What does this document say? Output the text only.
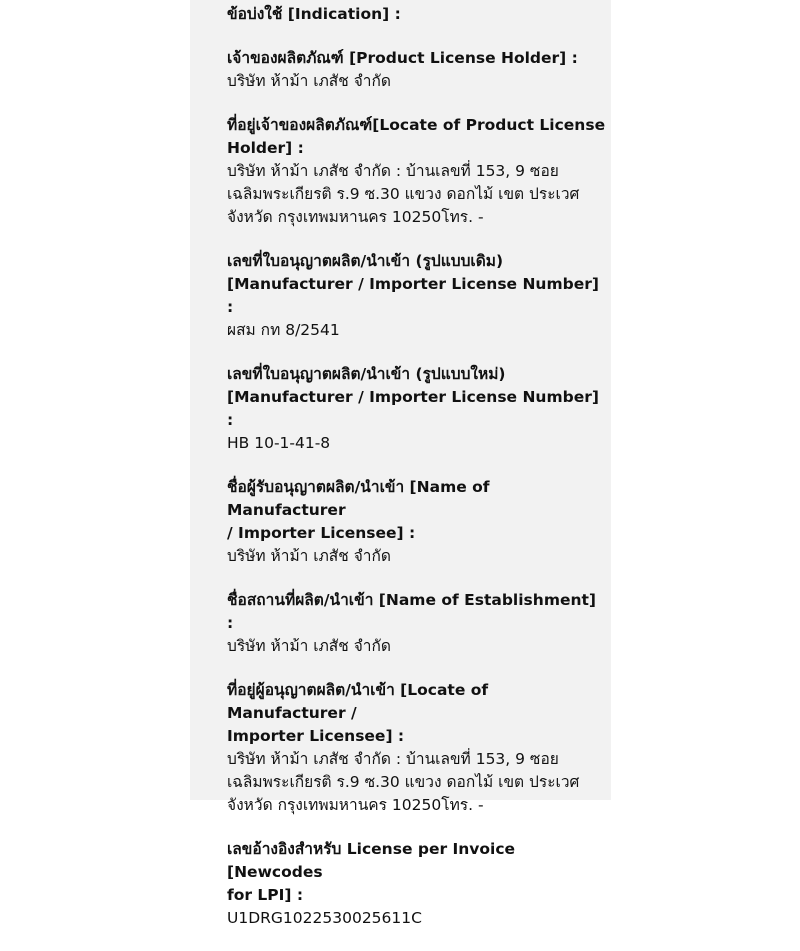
ข้อบ่งใช้ [Indication] :
เจ้าของผลิตภัณฑ์ [Product License Holder] :
บริษัท ห้าม้า เภสัช จำกัด
ที่อยู่เจ้าของผลิตภัณฑ์[Locate of Product License
Holder] :
บริษัท ห้าม้า เภสัช จำกัด : บ้านเลขที่ 153, 9 ซอย
เฉลิมพระเกียรติ ร.9 ซ.30 แขวง ดอกไม้ เขต ประเวศ
จังหวัด กรุงเทพมหานคร 10250โทร. -
เลขที่ใบอนุญาตผลิต/นำเข้า (รูปแบบเดิม)
[Manufacturer / Importer License Number] :
ผสม กท 8/2541
เลขที่ใบอนุญาตผลิต/นำเข้า (รูปแบบใหม่)
[Manufacturer / Importer License Number] :
HB 10-1-41-8
ชื่อผู้รับอนุญาตผลิต/นำเข้า [Name of Manufacturer
/ Importer Licensee] :
บริษัท ห้าม้า เภสัช จำกัด
ชื่อสถานที่ผลิต/นำเข้า [Name of Establishment] :
บริษัท ห้าม้า เภสัช จำกัด
ที่อยู่ผู้อนุญาตผลิต/นำเข้า [Locate of Manufacturer /
Importer Licensee] :
บริษัท ห้าม้า เภสัช จำกัด : บ้านเลขที่ 153, 9 ซอย
เฉลิมพระเกียรติ ร.9 ซ.30 แขวง ดอกไม้ เขต ประเวศ
จังหวัด กรุงเทพมหานคร 10250โทร. -
เลขอ้างอิงสำหรับ License per Invoice [Newcodes
for LPI] :
U1DRG1022530025611C
